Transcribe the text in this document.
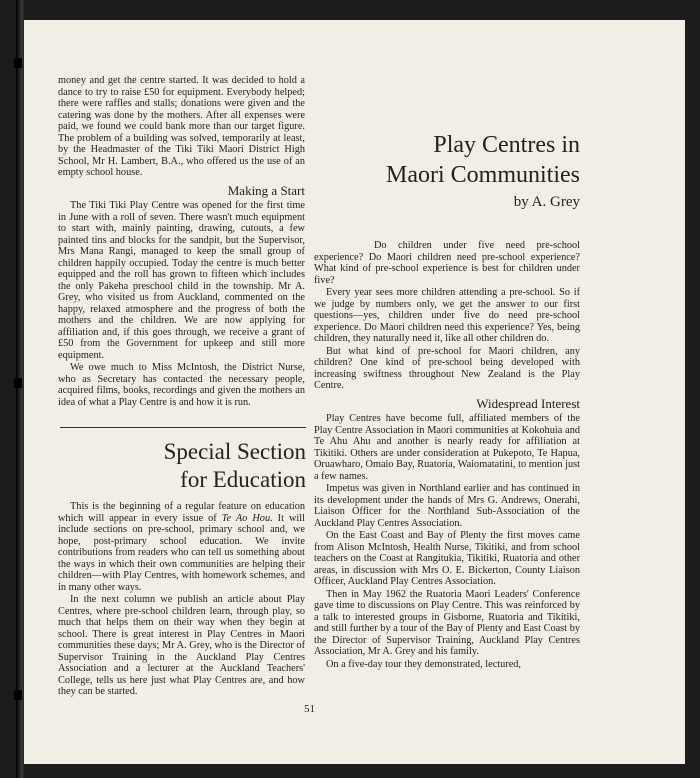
money and get the centre started. It was decided to hold a dance to try to raise £50 for equipment. Everybody helped; there were raffles and stalls; donations were given and the catering was done by the mothers. After all expenses were paid, we found we could bank more than our target figure. The problem of a building was solved, temporarily at least, by the Headmaster of the Tiki Tiki Maori District High School, Mr H. Lambert, B.A., who offered us the use of an empty school house.

Making a Start

The Tiki Tiki Play Centre was opened for the first time in June with a roll of seven. There wasn't much equipment to start with, mainly painting, drawing, cutouts, a few painted tins and blocks for the sandpit, but the Supervisor, Mrs Mana Rangi, managed to keep the small group of children happily occupied. Today the centre is much better equipped and the roll has grown to fifteen which includes the only Pakeha preschool child in the township. Mr A. Grey, who visited us from Auckland, commented on the happy, relaxed atmosphere and the progress of both the mothers and the children. We are now applying for affiliation and, if this goes through, we receive a grant of £50 from the Government for upkeep and still more equipment.

We owe much to Miss McIntosh, the District Nurse, who as Secretary has contacted the necessary people, acquired films, books, recordings and given the mothers an idea of what a Play Centre is and how it is run.

Special Section
for Education

This is the beginning of a regular feature on education which will appear in every issue of Te Ao Hou. It will include sections on pre-school, primary school and, we hope, post-primary school education. We invite contributions from readers who can tell us something about the ways in which their own communities are helping their children—with Play Centres, with homework schemes, and in many other ways.

In the next column we publish an article about Play Centres, where pre-school children learn, through play, so much that helps them on their way when they begin at school. There is great interest in Play Centres in Maori communities these days; Mr A. Grey, who is the Director of Supervisor Training in the Auckland Play Centres Association and a lecturer at the Auckland Teachers' College, tells us here just what Play Centres are, and how they can be started.

Play Centres in
Maori Communities
by A. Grey

Do children under five need pre-school experience? Do Maori children need pre-school experience? What kind of pre-school experience is best for children under five?

Every year sees more children attending a pre-school. So if we judge by numbers only, we get the answer to our first questions—yes, children under five do need pre-school experience. Do Maori children need this experience? Yes, being children, they naturally need it, like all other children do.

But what kind of pre-school for Maori children, any children? One kind of pre-school being developed with increasing swiftness throughout New Zealand is the Play Centre.

Widespread Interest

Play Centres have become full, affiliated members of the Play Centre Association in Maori communities at Kokohuia and Te Ahu Ahu and another is nearly ready for affiliation at Tikitiki. Others are under consideration at Pukepoto, Te Hapua, Oruawharo, Omaio Bay, Ruatoria, Waiomatatini, to mention just a few names.

Impetus was given in Northland earlier and has continued in its development under the hands of Mrs G. Andrews, Onerahi, Liaison Officer for the Northland Sub-Association of the Auckland Play Centres Association.

On the East Coast and Bay of Plenty the first moves came from Alison McIntosh, Health Nurse, Tikitiki, and from school teachers on the Coast at Rangitukia, Tikitiki, Ruatoria and other areas, in discussion with Mrs O. E. Bickerton, County Liaison Officer, Auckland Play Centres Association.

Then in May 1962 the Ruatoria Maori Leaders' Conference gave time to discussions on Play Centre. This was reinforced by a talk to interested groups in Gisborne, Ruatoria and Tikitiki, and still further by a tour of the Bay of Plenty and East Coast by the Director of Supervisor Training, Auckland Play Centres Association, Mr A. Grey and his family.

On a five-day tour they demonstrated, lectured,

51
